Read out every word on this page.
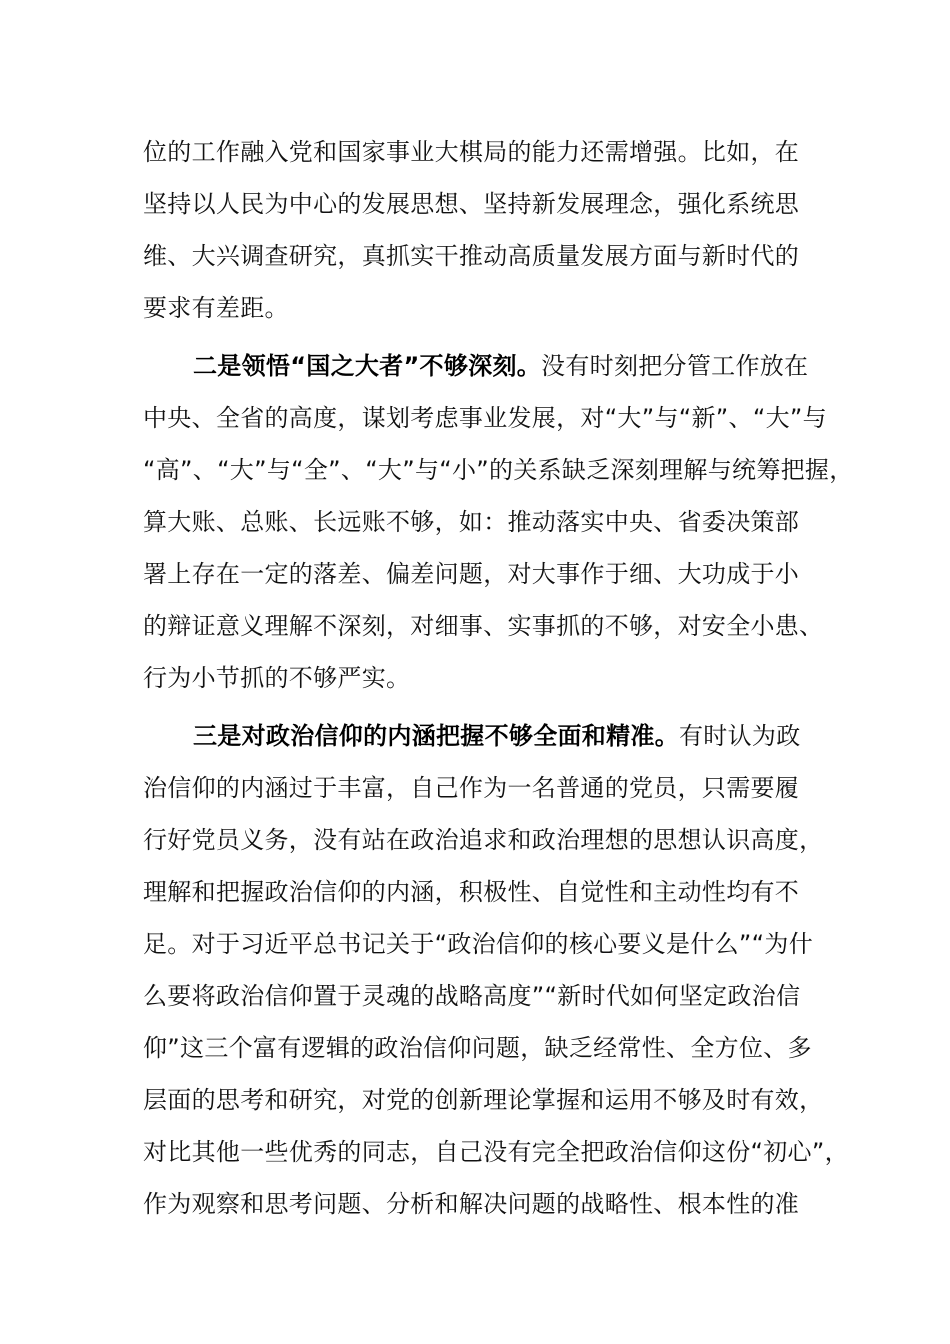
位的工作融入党和国家事业大棋局的能力还需增强。比如，在
坚持以人民为中心的发展思想、坚持新发展理念，强化系统思
维、大兴调查研究，真抓实干推动高质量发展方面与新时代的
要求有差距。
二是领悟“国之大者”不够深刻。没有时刻把分管工作放在
中央、全省的高度，谋划考虑事业发展，对“大”与“新”、“大”与
“高”、“大”与“全”、“大”与“小”的关系缺乏深刻理解与统筹把握，
算大账、总账、长远账不够，如：推动落实中央、省委决策部
署上存在一定的落差、偏差问题，对大事作于细、大功成于小
的辩证意义理解不深刻，对细事、实事抓的不够，对安全小患、
行为小节抓的不够严实。
三是对政治信仰的内涵把握不够全面和精准。有时认为政
治信仰的内涵过于丰富，自己作为一名普通的党员，只需要履
行好党员义务，没有站在政治追求和政治理想的思想认识高度，
理解和把握政治信仰的内涵，积极性、自觉性和主动性均有不
足。对于习近平总书记关于“政治信仰的核心要义是什么”“为什
么要将政治信仰置于灵魂的战略高度”“新时代如何坚定政治信
仰”这三个富有逻辑的政治信仰问题，缺乏经常性、全方位、多
层面的思考和研究，对党的创新理论掌握和运用不够及时有效，
对比其他一些优秀的同志，自己没有完全把政治信仰这份“初心”，
作为观察和思考问题、分析和解决问题的战略性、根本性的准
